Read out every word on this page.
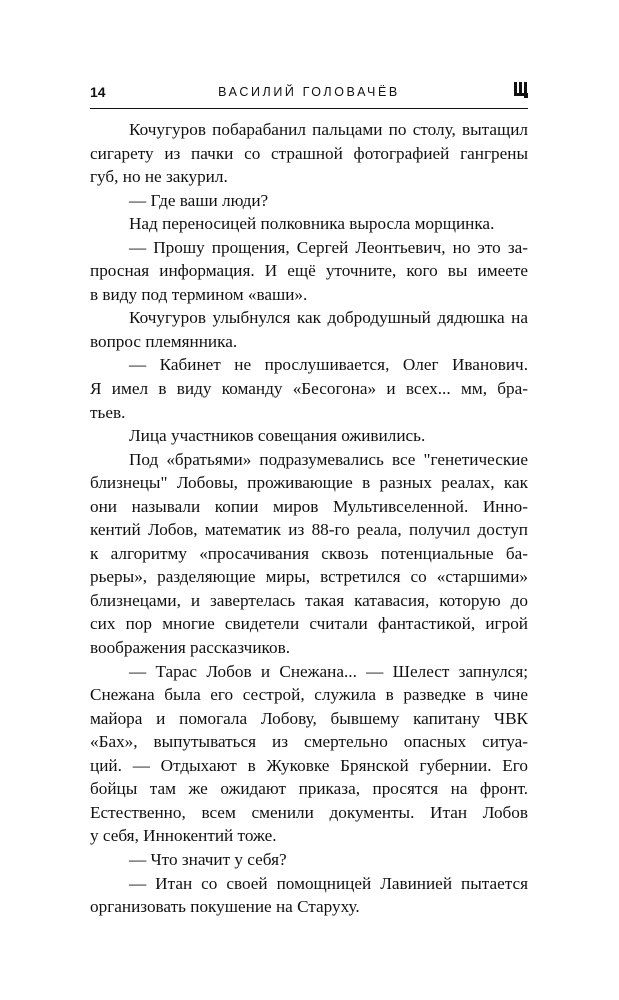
14	ВАСИЛИЙ ГОЛОВАЧЁВ
Кочугуров побарабанил пальцами по столу, вытащил
сигарету из пачки со страшной фотографией гангрены
губ, но не закурил.
— Где ваши люди?
Над переносицей полковника выросла морщинка.
— Прошу прощения, Сергей Леонтьевич, но это за-
просная информация. И ещё уточните, кого вы имеете
в виду под термином «ваши».
Кочугуров улыбнулся как добродушный дядюшка на
вопрос племянника.
— Кабинет не прослушивается, Олег Иванович.
Я имел в виду команду «Бесогона» и всех... мм, бра-
тьев.
Лица участников совещания оживились.
Под «братьями» подразумевались все "генетические
близнецы" Лобовы, проживающие в разных реалах, как
они называли копии миров Мультивселенной. Инно-
кентий Лобов, математик из 88-го реала, получил доступ
к алгоритму «просачивания сквозь потенциальные ба-
рьеры», разделяющие миры, встретился со «старшими»
близнецами, и завертелась такая катавасия, которую до
сих пор многие свидетели считали фантастикой, игрой
воображения рассказчиков.
— Тарас Лобов и Снежана... — Шелест запнулся;
Снежана была его сестрой, служила в разведке в чине
майора и помогала Лобову, бывшему капитану ЧВК
«Бах», выпутываться из смертельно опасных ситуа-
ций. — Отдыхают в Жуковке Брянской губернии. Его
бойцы там же ожидают приказа, просятся на фронт.
Естественно, всем сменили документы. Итан Лобов
у себя, Иннокентий тоже.
— Что значит у себя?
— Итан со своей помощницей Лавинией пытается
организовать покушение на Старуху.
